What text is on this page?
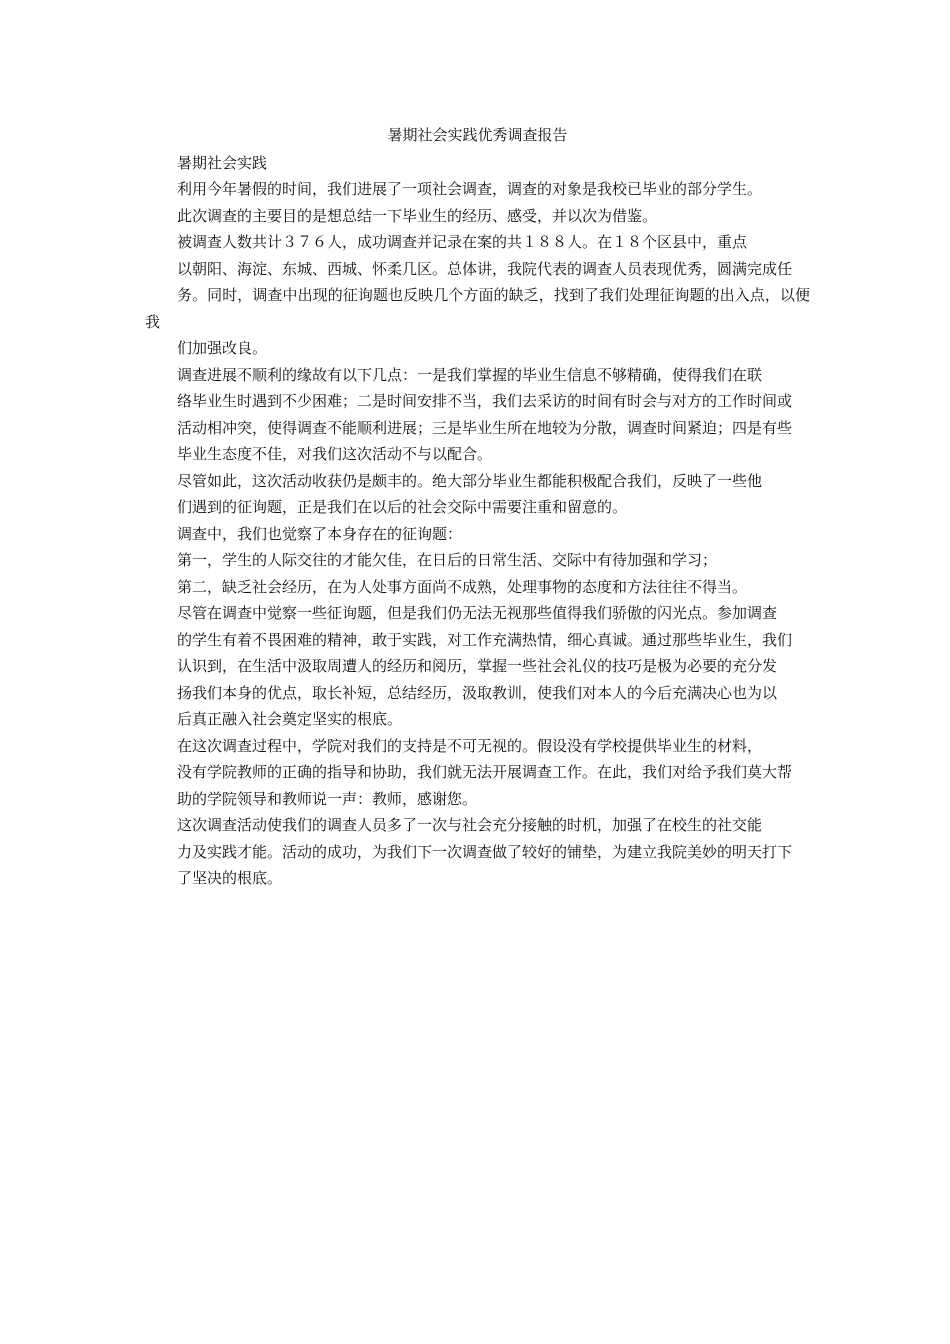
暑期社会实践优秀调查报告

暑期社会实践

利用今年暑假的时间，我们进展了一项社会调查，调查的对象是我校已毕业的部分学生。

此次调查的主要目的是想总结一下毕业生的经历、感受，并以次为借鉴。

被调查人数共计３７６人，成功调查并记录在案的共１８８人。在１８个区县中，重点

以朝阳、海淀、东城、西城、怀柔几区。总体讲，我院代表的调查人员表现优秀，圆满完成任

务。同时，调查中出现的征询题也反映几个方面的缺乏，找到了我们处理征询题的出入点，以便我

们加强改良。

调查进展不顺利的缘故有以下几点：一是我们掌握的毕业生信息不够精确，使得我们在联

络毕业生时遇到不少困难；二是时间安排不当，我们去采访的时间有时会与对方的工作时间或

活动相冲突，使得调查不能顺利进展；三是毕业生所在地较为分散，调查时间紧迫；四是有些

毕业生态度不佳，对我们这次活动不与以配合。

尽管如此，这次活动收获仍是颇丰的。绝大部分毕业生都能积极配合我们，反映了一些他

们遇到的征询题，正是我们在以后的社会交际中需要注重和留意的。

调查中，我们也觉察了本身存在的征询题：

第一，学生的人际交往的才能欠佳，在日后的日常生活、交际中有待加强和学习；

第二，缺乏社会经历，在为人处事方面尚不成熟，处理事物的态度和方法往往不得当。

尽管在调查中觉察一些征询题，但是我们仍无法无视那些值得我们骄傲的闪光点。参加调查

的学生有着不畏困难的精神，敢于实践，对工作充满热情，细心真诚。通过那些毕业生，我们

认识到，在生活中汲取周遭人的经历和阅历，掌握一些社会礼仪的技巧是极为必要的充分发

扬我们本身的优点，取长补短，总结经历，汲取教训，使我们对本人的今后充满决心也为以

后真正融入社会奠定坚实的根底。

在这次调查过程中，学院对我们的支持是不可无视的。假设没有学校提供毕业生的材料，

没有学院教师的正确的指导和协助，我们就无法开展调查工作。在此，我们对给予我们莫大帮

助的学院领导和教师说一声：教师，感谢您。

这次调查活动使我们的调查人员多了一次与社会充分接触的时机，加强了在校生的社交能

力及实践才能。活动的成功，为我们下一次调查做了较好的铺垫，为建立我院美妙的明天打下

了坚决的根底。
